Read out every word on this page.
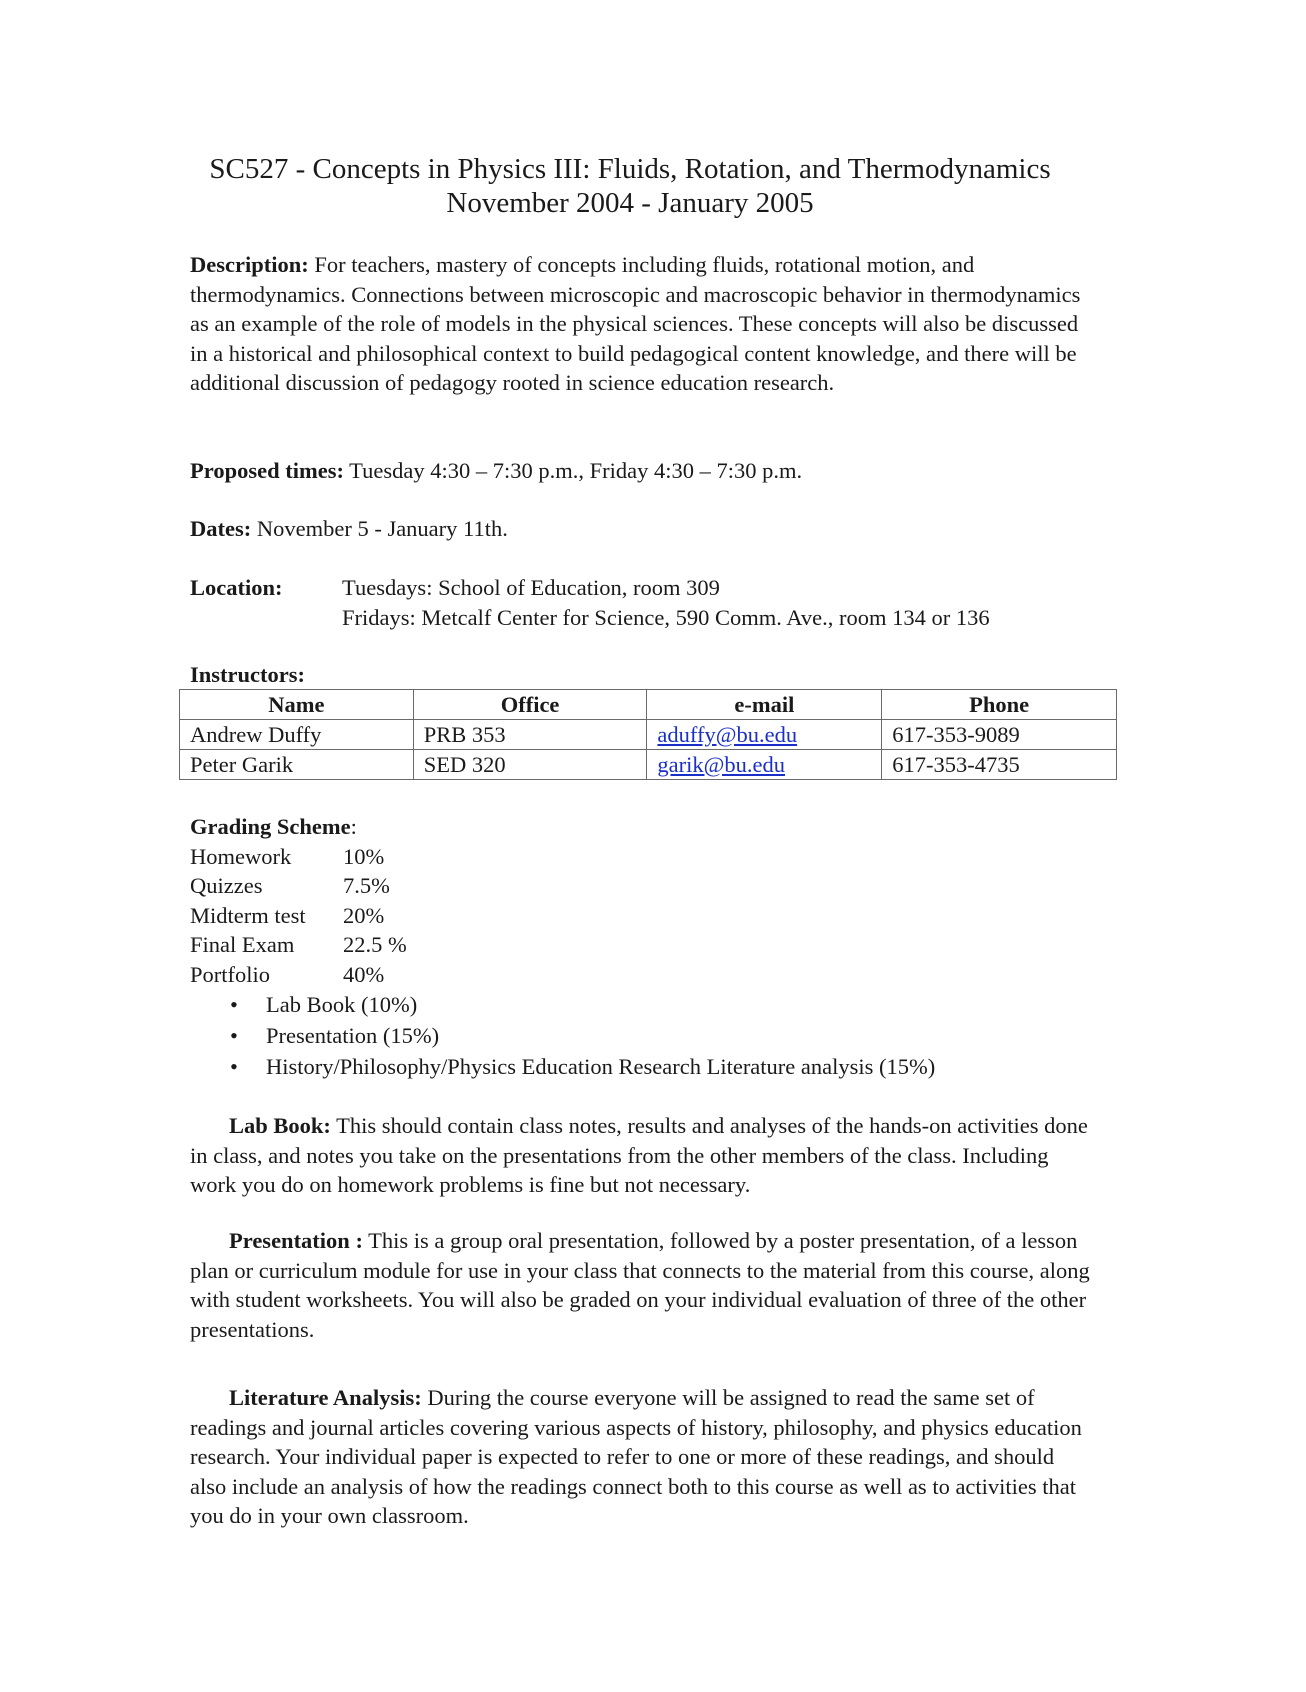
SC527 - Concepts in Physics III: Fluids, Rotation, and Thermodynamics
November 2004 - January 2005
Description: For teachers, mastery of concepts including fluids, rotational motion, and thermodynamics. Connections between microscopic and macroscopic behavior in thermodynamics as an example of the role of models in the physical sciences. These concepts will also be discussed in a historical and philosophical context to build pedagogical content knowledge, and there will be additional discussion of pedagogy rooted in science education research.
Proposed times: Tuesday 4:30 – 7:30 p.m., Friday 4:30 – 7:30 p.m.
Dates: November 5 - January 11th.
Location:	Tuesdays: School of Education, room 309
Fridays: Metcalf Center for Science, 590 Comm. Ave., room 134 or 136
Instructors:
Name	Office	e-mail	Phone
Andrew Duffy	PRB 353	aduffy@bu.edu	617-353-9089
Peter Garik	SED 320	garik@bu.edu	617-353-4735
Grading Scheme:
Homework	10%
Quizzes	7.5%
Midterm test	20%
Final Exam	22.5 %
Portfolio	40%
• Lab Book (10%)
• Presentation (15%)
• History/Philosophy/Physics Education Research Literature analysis (15%)
Lab Book: This should contain class notes, results and analyses of the hands-on activities done in class, and notes you take on the presentations from the other members of the class. Including work you do on homework problems is fine but not necessary.
Presentation : This is a group oral presentation, followed by a poster presentation, of a lesson plan or curriculum module for use in your class that connects to the material from this course, along with student worksheets. You will also be graded on your individual evaluation of three of the other presentations.
Literature Analysis: During the course everyone will be assigned to read the same set of readings and journal articles covering various aspects of history, philosophy, and physics education research. Your individual paper is expected to refer to one or more of these readings, and should also include an analysis of how the readings connect both to this course as well as to activities that you do in your own classroom.
